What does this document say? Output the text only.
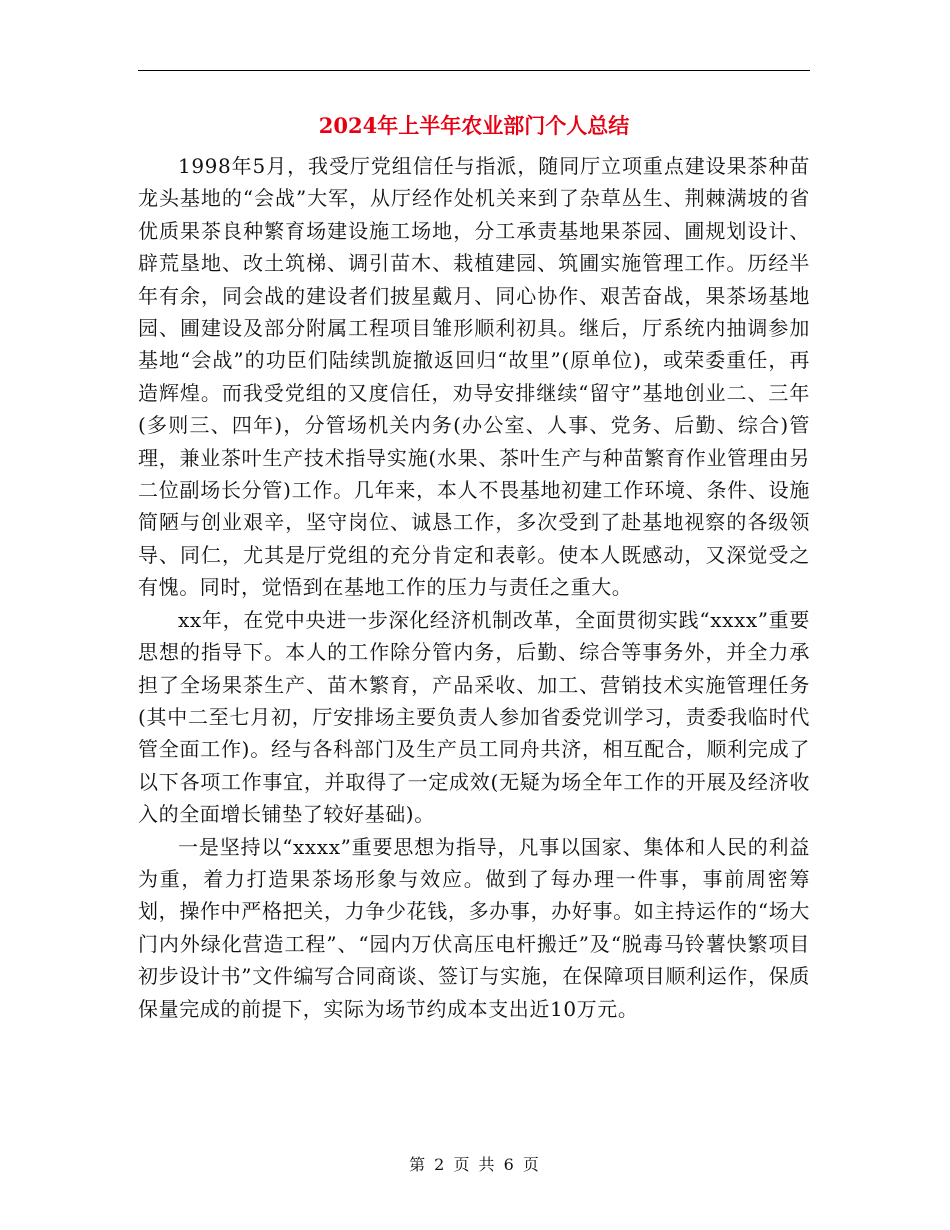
2024年上半年农业部门个人总结

1998年5月，我受厅党组信任与指派，随同厅立项重点建设果茶种苗龙头基地的“会战”大军，从厅经作处机关来到了杂草丛生、荆棘满坡的省优质果茶良种繁育场建设施工场地，分工承责基地果茶园、圃规划设计、辟荒垦地、改土筑梯、调引苗木、栽植建园、筑圃实施管理工作。历经半年有余，同会战的建设者们披星戴月、同心协作、艰苦奋战，果茶场基地园、圃建设及部分附属工程项目雏形顺利初具。继后，厅系统内抽调参加基地“会战”的功臣们陆续凯旋撤返回归“故里”(原单位)，或荣委重任，再造辉煌。而我受党组的又度信任，劝导安排继续“留守”基地创业二、三年(多则三、四年)，分管场机关内务(办公室、人事、党务、后勤、综合)管理，兼业茶叶生产技术指导实施(水果、茶叶生产与种苗繁育作业管理由另二位副场长分管)工作。几年来，本人不畏基地初建工作环境、条件、设施简陋与创业艰辛，坚守岗位、诚恳工作，多次受到了赴基地视察的各级领导、同仁，尤其是厅党组的充分肯定和表彰。使本人既感动，又深觉受之有愧。同时，觉悟到在基地工作的压力与责任之重大。

xx年，在党中央进一步深化经济机制改革，全面贯彻实践“xxxx”重要思想的指导下。本人的工作除分管内务，后勤、综合等事务外，并全力承担了全场果茶生产、苗木繁育，产品采收、加工、营销技术实施管理任务(其中二至七月初，厅安排场主要负责人参加省委党训学习，责委我临时代管全面工作)。经与各科部门及生产员工同舟共济，相互配合，顺利完成了以下各项工作事宜，并取得了一定成效(无疑为场全年工作的开展及经济收入的全面增长铺垫了较好基础)。

一是坚持以“xxxx”重要思想为指导，凡事以国家、集体和人民的利益为重，着力打造果茶场形象与效应。做到了每办理一件事，事前周密筹划，操作中严格把关，力争少花钱，多办事，办好事。如主持运作的“场大门内外绿化营造工程”、“园内万伏高压电杆搬迁”及“脱毒马铃薯快繁项目初步设计书”文件编写合同商谈、签订与实施，在保障项目顺利运作，保质保量完成的前提下，实际为场节约成本支出近10万元。

第 2 页 共 6 页
